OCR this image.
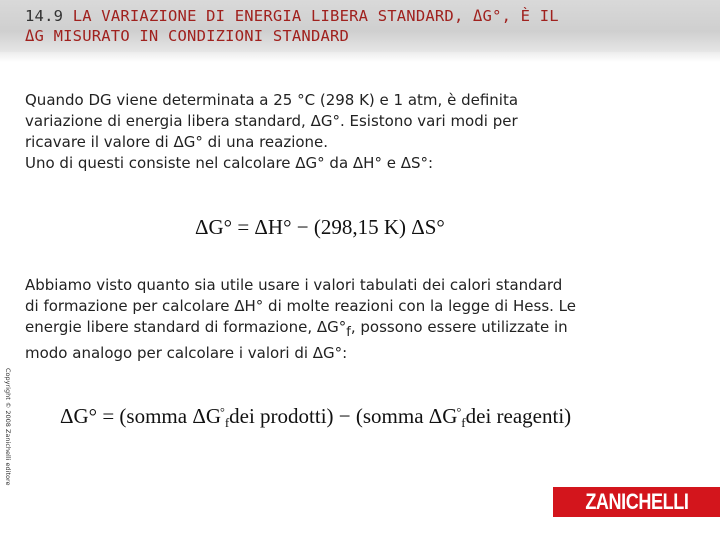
14.9 LA VARIAZIONE DI ENERGIA LIBERA STANDARD, ΔG°, È IL
ΔG MISURATO IN CONDIZIONI STANDARD
Quando DG viene determinata a 25 °C (298 K) e 1 atm, è definita
variazione di energia libera standard, ΔG°. Esistono vari modi per
ricavare il valore di ΔG° di una reazione.
Uno di questi consiste nel calcolare ΔG° da ΔH° e ΔS°:
ΔG° = ΔH° − (298,15 K) ΔS°
Abbiamo visto quanto sia utile usare i valori tabulati dei calori standard
di formazione per calcolare ΔH° di molte reazioni con la legge di Hess. Le
energie libere standard di formazione, ΔG°f, possono essere utilizzate in
modo analogo per calcolare i valori di ΔG°:
ΔG° = (somma $\Delta G^\circ_fdei$ prodotti) − (somma $\Delta G^\circ_fdei$ reagenti)
Copyright © 2008 Zanichelli editore
ZANICHELLI
